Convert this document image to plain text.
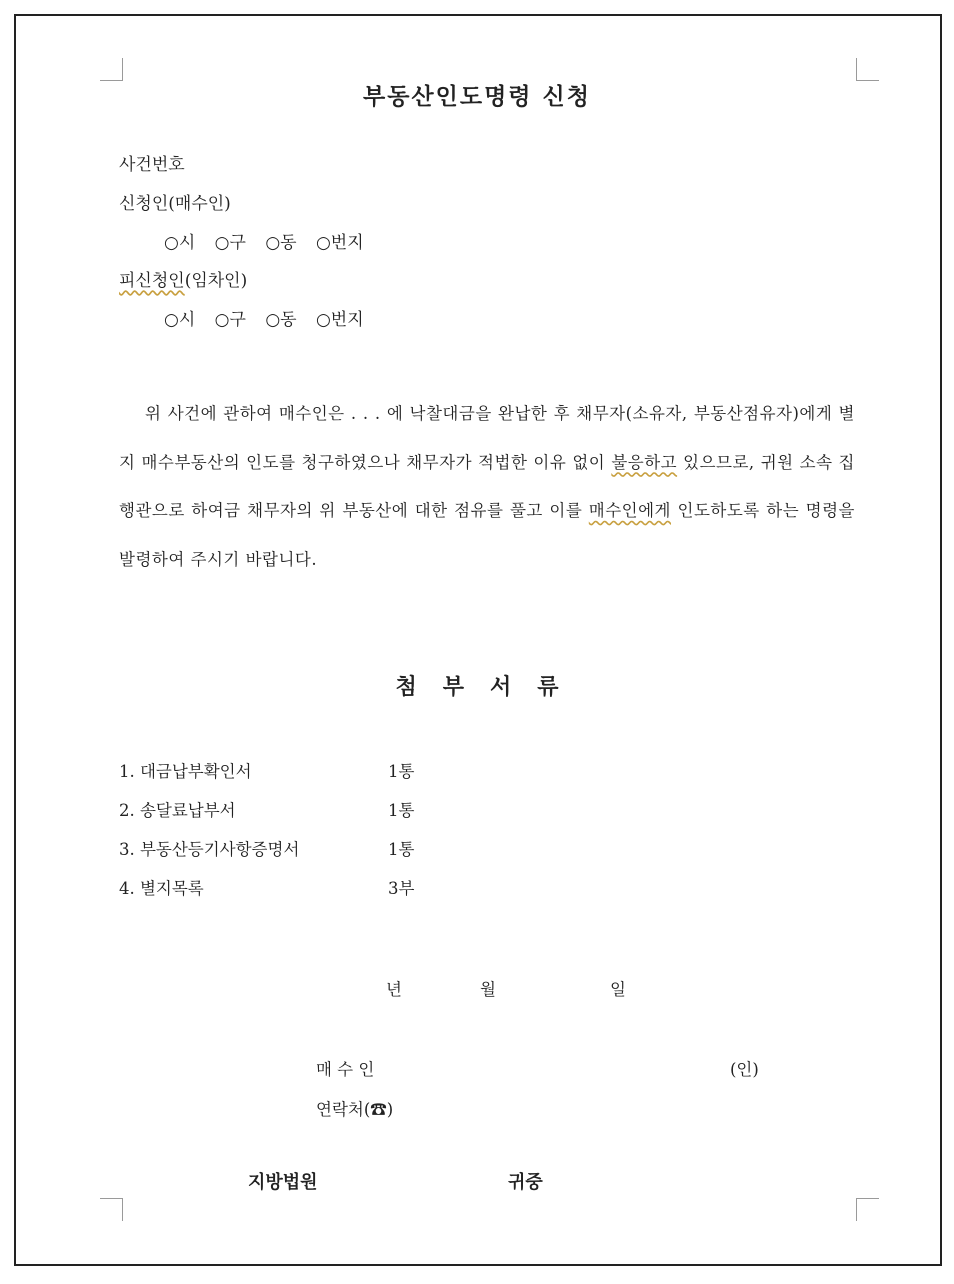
부동산인도명령 신청
사건번호
신청인(매수인)
○시 ○구 ○동 ○번지
피신청인(임차인)
○시 ○구 ○동 ○번지
위 사건에 관하여 매수인은 . . . 에 낙찰대금을 완납한 후 채무자(소유자, 부동산점유자)에게 별지 매수부동산의 인도를 청구하였으나 채무자가 적법한 이유 없이 불응하고 있으므로, 귀원 소속 집행관으로 하여금 채무자의 위 부동산에 대한 점유를 풀고 이를 매수인에게 인도하도록 하는 명령을 발령하여 주시기 바랍니다.
첨부서류
1. 대금납부확인서	1통
2. 송달료납부서	1통
3. 부동산등기사항증명서	1통
4. 별지목록	3부
년	월	일
매 수 인	(인)
연락처(☎)
지방법원	귀중
